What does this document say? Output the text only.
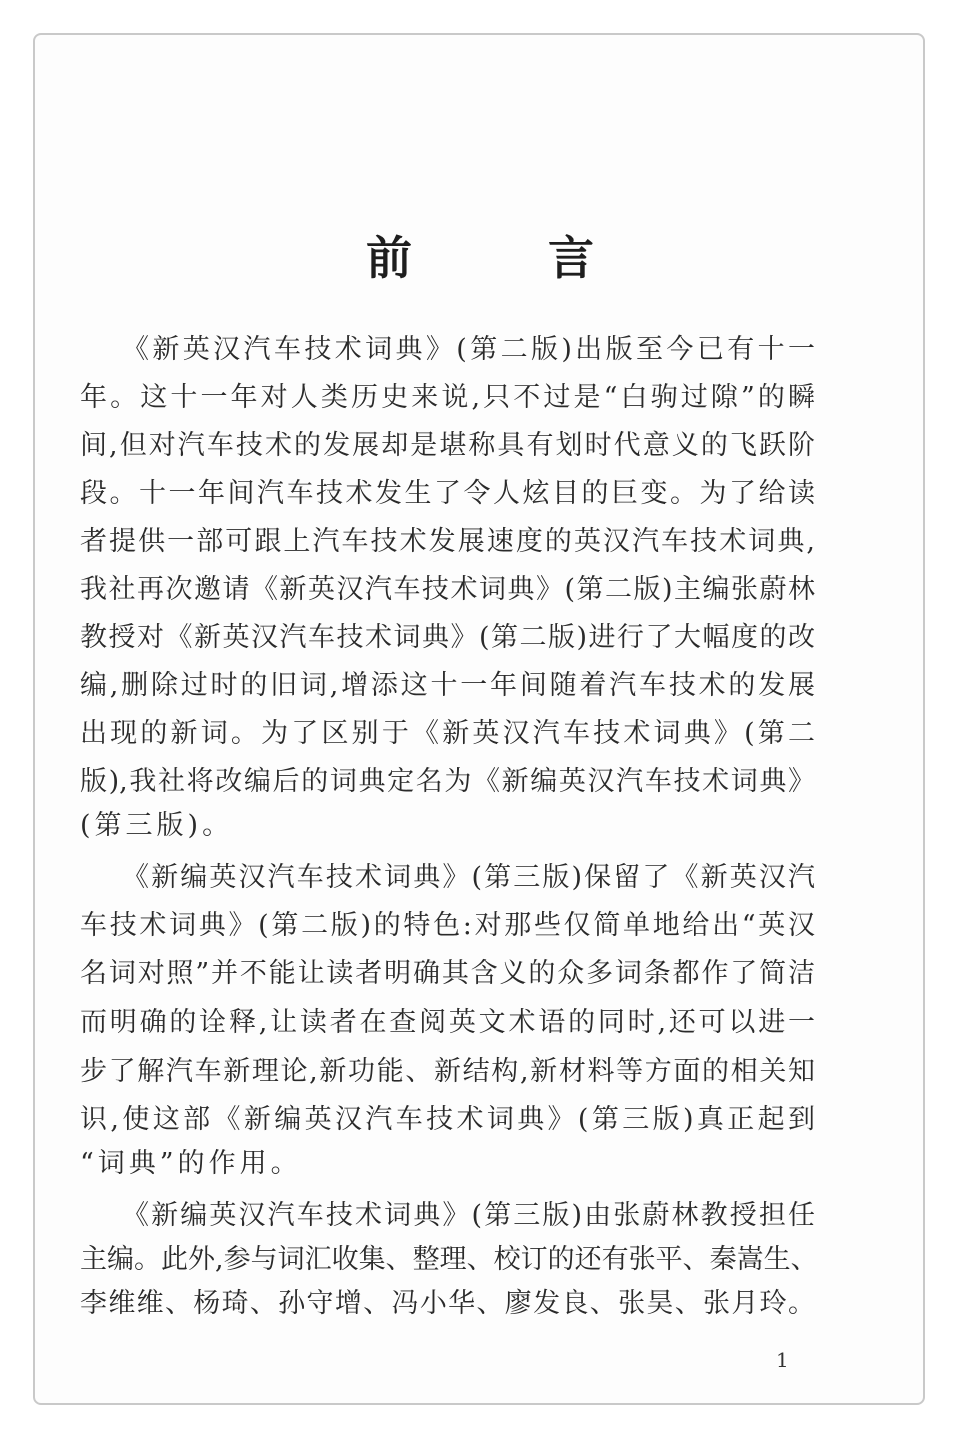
前 言
《新英汉汽车技术词典》(第二版)出版至今已有十一
年。这十一年对人类历史来说,只不过是“白驹过隙”的瞬
间,但对汽车技术的发展却是堪称具有划时代意义的飞跃阶
段。十一年间汽车技术发生了令人炫目的巨变。为了给读
者提供一部可跟上汽车技术发展速度的英汉汽车技术词典,
我社再次邀请《新英汉汽车技术词典》(第二版)主编张蔚林
教授对《新英汉汽车技术词典》(第二版)进行了大幅度的改
编,删除过时的旧词,增添这十一年间随着汽车技术的发展
出现的新词。为了区别于《新英汉汽车技术词典》(第二
版),我社将改编后的词典定名为《新编英汉汽车技术词典》
(第三版)。
《新编英汉汽车技术词典》(第三版)保留了《新英汉汽
车技术词典》(第二版)的特色:对那些仅简单地给出“英汉
名词对照”并不能让读者明确其含义的众多词条都作了简洁
而明确的诠释,让读者在查阅英文术语的同时,还可以进一
步了解汽车新理论,新功能、新结构,新材料等方面的相关知
识,使这部《新编英汉汽车技术词典》(第三版)真正起到
“词典”的作用。
《新编英汉汽车技术词典》(第三版)由张蔚林教授担任
主编。此外,参与词汇收集、整理、校订的还有张平、秦嵩生、
李维维、杨琦、孙守增、冯小华、廖发良、张昊、张月玲。
1
